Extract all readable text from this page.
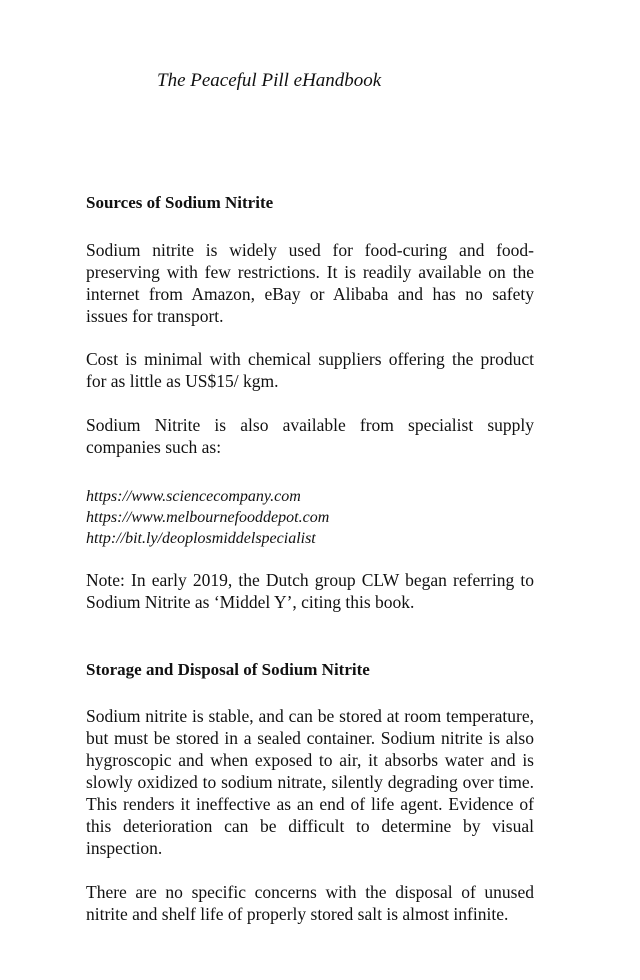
The Peaceful Pill eHandbook
Sources of Sodium Nitrite

Sodium nitrite is widely used for food-curing and food-preserving with few restrictions. It is readily available on the internet from Amazon, eBay or Alibaba and has no safety issues for transport.

Cost is minimal with chemical suppliers offering the product for as little as US$15/ kgm.

Sodium Nitrite is also available from specialist supply companies such as:

https://www.sciencecompany.com
https://www.melbournefooddepot.com
http://bit.ly/deoplosmiddelspecialist

Note: In early 2019, the Dutch group CLW began referring to Sodium Nitrite as ‘Middel Y’, citing this book.

Storage and Disposal of Sodium Nitrite

Sodium nitrite is stable, and can be stored at room temperature, but must be stored in a sealed container. Sodium nitrite is also hygroscopic and when exposed to air, it absorbs water and is slowly oxidized to sodium nitrate, silently degrading over time. This renders it ineffective as an end of life agent. Evidence of this deterioration can be difficult to determine by visual inspection.

There are no specific concerns with the disposal of unused nitrite and shelf life of properly stored salt is almost infinite.
